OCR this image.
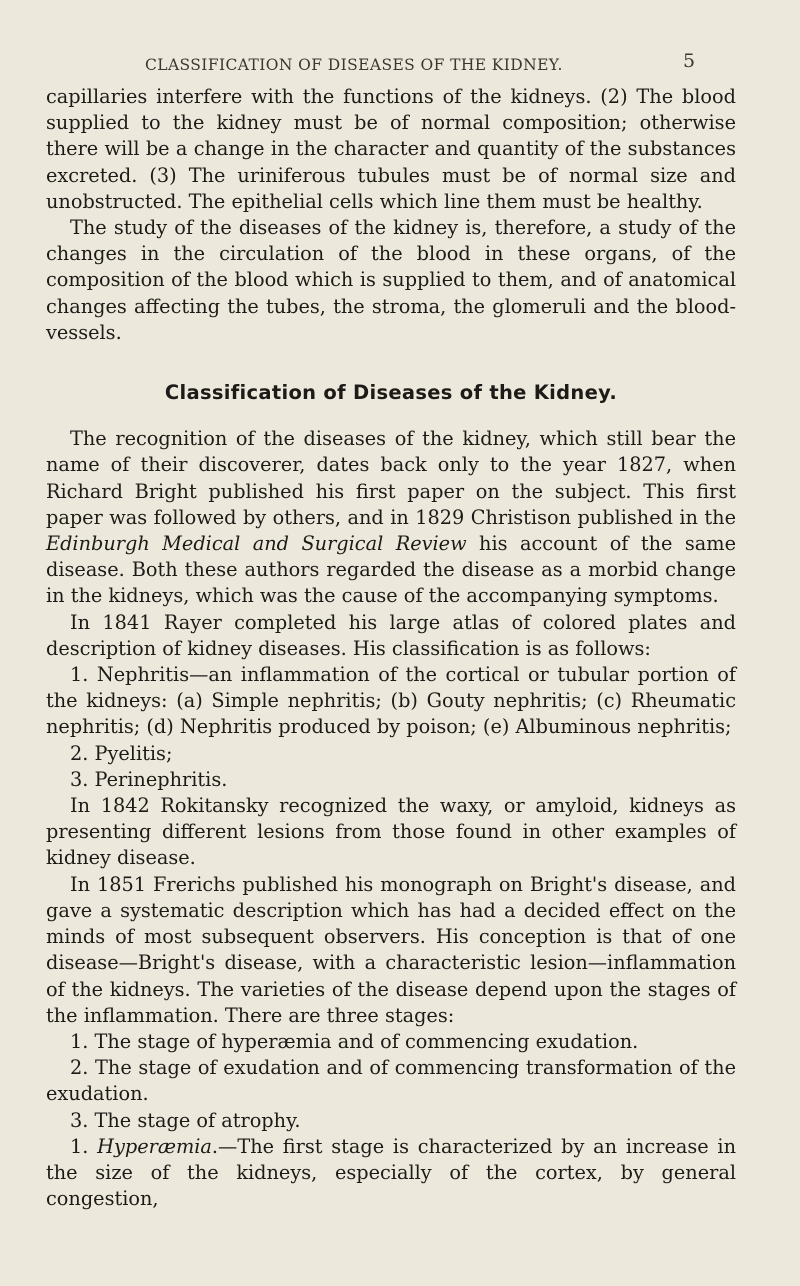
CLASSIFICATION OF DISEASES OF THE KIDNEY.	5

capillaries interfere with the functions of the kidneys. (2) The blood supplied to the kidney must be of normal composition; otherwise there will be a change in the character and quantity of the substances excreted. (3) The uriniferous tubules must be of normal size and unobstructed. The epithelial cells which line them must be healthy.

The study of the diseases of the kidney is, therefore, a study of the changes in the circulation of the blood in these organs, of the composition of the blood which is supplied to them, and of anatomical changes affecting the tubes, the stroma, the glomeruli and the blood-vessels.

Classification of Diseases of the Kidney.

The recognition of the diseases of the kidney, which still bear the name of their discoverer, dates back only to the year 1827, when Richard Bright published his first paper on the subject. This first paper was followed by others, and in 1829 Christison published in the Edinburgh Medical and Surgical Review his account of the same disease. Both these authors regarded the disease as a morbid change in the kidneys, which was the cause of the accompanying symptoms.

In 1841 Rayer completed his large atlas of colored plates and description of kidney diseases. His classification is as follows:

1. Nephritis—an inflammation of the cortical or tubular portion of the kidneys: (a) Simple nephritis; (b) Gouty nephritis; (c) Rheumatic nephritis; (d) Nephritis produced by poison; (e) Albuminous nephritis;

2. Pyelitis;

3. Perinephritis.

In 1842 Rokitansky recognized the waxy, or amyloid, kidneys as presenting different lesions from those found in other examples of kidney disease.

In 1851 Frerichs published his monograph on Bright's disease, and gave a systematic description which has had a decided effect on the minds of most subsequent observers. His conception is that of one disease—Bright's disease, with a characteristic lesion—inflammation of the kidneys. The varieties of the disease depend upon the stages of the inflammation. There are three stages:

1. The stage of hyperæmia and of commencing exudation.

2. The stage of exudation and of commencing transformation of the exudation.

3. The stage of atrophy.

1. Hyperæmia.—The first stage is characterized by an increase in the size of the kidneys, especially of the cortex, by general congestion,
